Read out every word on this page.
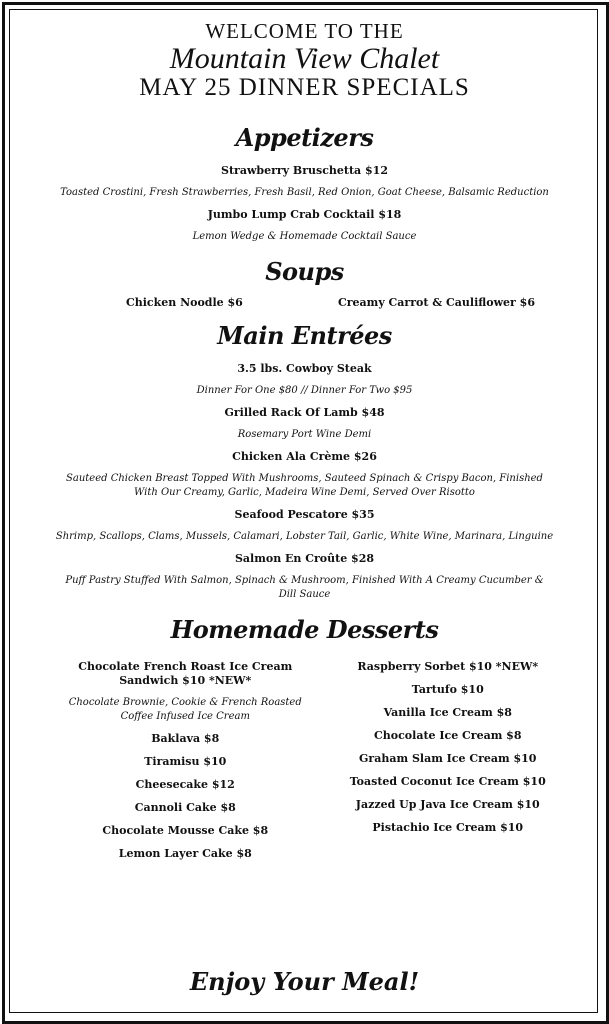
WELCOME TO THE

Mountain View Chalet

MAY 25 DINNER SPECIALS

Appetizers

Strawberry Bruschetta $12

Toasted Crostini, Fresh Strawberries, Fresh Basil, Red Onion, Goat Cheese, Balsamic Reduction

Jumbo Lump Crab Cocktail $18

Lemon Wedge & Homemade Cocktail Sauce

Soups

Chicken Noodle $6	Creamy Carrot & Cauliflower $6

Main Entrées

3.5 lbs. Cowboy Steak

Dinner For One $80 // Dinner For Two $95

Grilled Rack Of Lamb $48

Rosemary Port Wine Demi

Chicken Ala Crème $26

Sauteed Chicken Breast Topped With Mushrooms, Sauteed Spinach & Crispy Bacon, Finished With Our Creamy, Garlic, Madeira Wine Demi, Served Over Risotto

Seafood Pescatore $35

Shrimp, Scallops, Clams, Mussels, Calamari, Lobster Tail, Garlic, White Wine, Marinara, Linguine

Salmon En Croûte $28

Puff Pastry Stuffed With Salmon, Spinach & Mushroom, Finished With A Creamy Cucumber & Dill Sauce

Homemade Desserts

Chocolate French Roast Ice Cream Sandwich $10 *NEW*

Chocolate Brownie, Cookie & French Roasted Coffee Infused Ice Cream

Baklava $8

Tiramisu $10

Cheesecake $12

Cannoli Cake $8

Chocolate Mousse Cake $8

Lemon Layer Cake $8

Raspberry Sorbet $10 *NEW*

Tartufo $10

Vanilla Ice Cream $8

Chocolate Ice Cream $8

Graham Slam Ice Cream $10

Toasted Coconut Ice Cream $10

Jazzed Up Java Ice Cream $10

Pistachio Ice Cream $10

Enjoy Your Meal!
